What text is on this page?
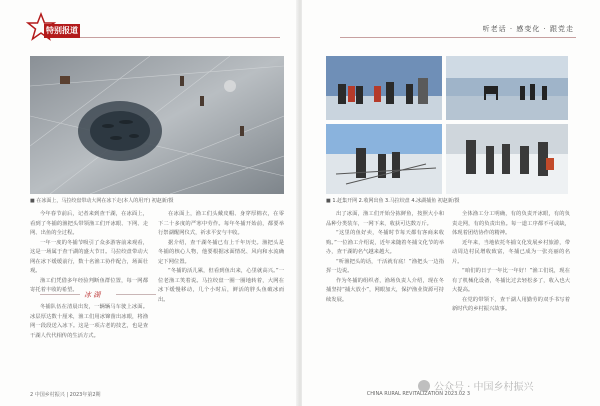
特别报道
■ 在冰面上，马拉绞盘带动大网在冰下走(本人的用开) 初赵新/摄

今年春节前后，记者来到查干湖，在冰面上，看到了冬捕的渔把头带领渔工们开冰眼、下网、走网、出鱼的全过程。

一年一度的冬捕节吸引了众多游客前来观看，这是一场属于查干湖的盛大节日。马拉绞盘带动大网在冰下缓缓前行，数十名渔工协作配合，场面壮观。

渔工们凭借多年经验判断鱼群位置，每一网都寄托着丰收的希望。

冰 湖

冬捕队伍在清晨出发，一辆辆马车驶上冰面。冰层厚达数十厘米，渔工们用冰镩凿出冰眼，将渔网一段段送入冰下。这是一项古老的技艺，也是查干湖人代代相传的生活方式。

在冰面上，渔工们头戴皮帽、身穿厚棉衣，在零下二十多度的严寒中劳作。每年冬捕开始前，都要举行祭湖醒网仪式，祈求平安与丰收。

据介绍，查干湖冬捕已有上千年历史。渔把头是冬捕的核心人物，他要根据冰面情况、风向和水流确定下网位置。

“冬捕的活儿累，但看到鱼出来，心里就高兴。”一位老渔工笑着说。马拉绞盘一圈一圈地转着，大网在冰下缓慢移动，几个小时后，鲜活的胖头鱼破冰而出。

2 中国乡村振兴 | 2023年第2期
听老话 · 感变化 · 跟党走
■ 1.赶集开网 2.收网出鱼 3.马拉绞盘 4.冰湖捕鱼 初赵新/摄

出了冰面，渔工们开始分拣鲜鱼，按照大小和品种分类装车，一网下来，收获可达数万斤。

“这里的鱼好卖，冬捕时节每天都有客商来收购。”一位渔工介绍说，近年来随着冬捕文化节的举办，查干湖的名气越来越大。

“听渔把头的话，干活就有底！”渔把头一边指挥一边说。

作为冬捕的组织者，渔场负责人介绍，现在冬捕坚持“捕大放小”，网眼加大，保护渔业资源可持续发展。

全体渔工分工明确，有的负责开冰眼，有的负责走网，有的负责出鱼。每一道工序都不可或缺，体现着团结协作的精神。

近年来，当地依托冬捕文化发展乡村旅游，带动周边村民增收致富，冬捕已成为一张亮丽的名片。

“咱们的日子一年比一年好！”渔工们说，现在有了机械化设备，冬捕比过去轻松多了，收入也大大提高。

在党的带领下，查干湖人用勤劳的双手书写着新时代的乡村振兴故事。

CHINA RURAL REVITALIZATION 2023.02 3
公众号 · 中国乡村振兴
